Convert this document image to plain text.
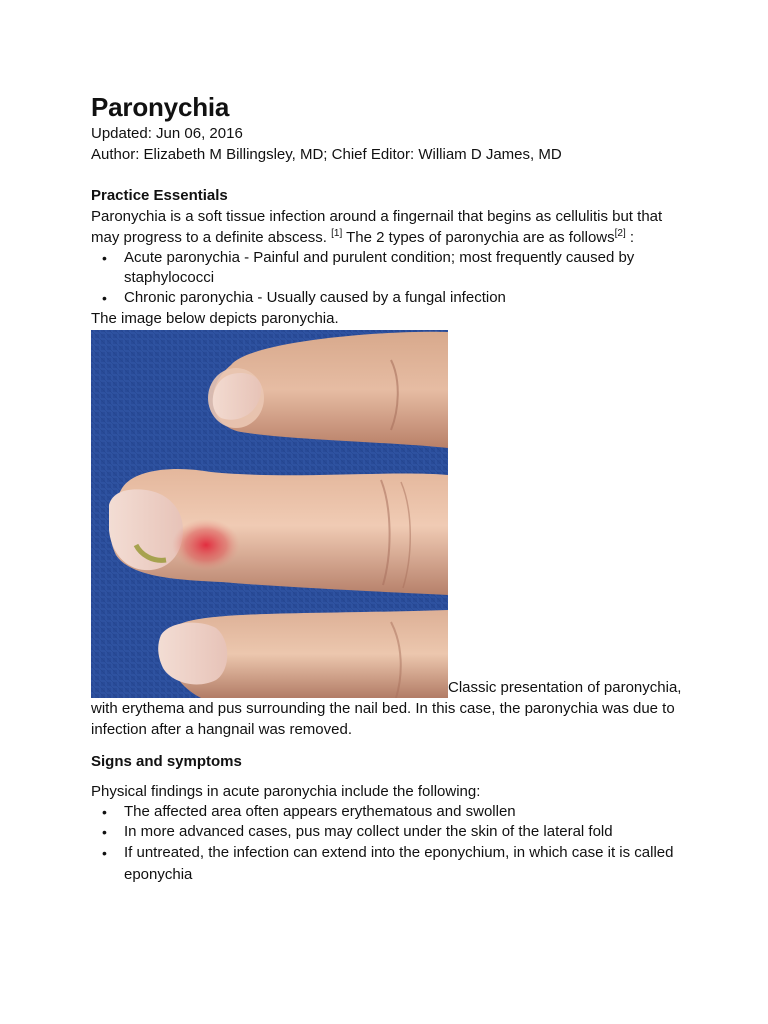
Paronychia

Updated: Jun 06, 2016

Author: Elizabeth M Billingsley, MD; Chief Editor: William D James, MD

Practice Essentials

Paronychia is a soft tissue infection around a fingernail that begins as cellulitis but that may progress to a definite abscess. [1] The 2 types of paronychia are as follows[2] :

• Acute paronychia - Painful and purulent condition; most frequently caused by staphylococci
• Chronic paronychia - Usually caused by a fungal infection

The image below depicts paronychia.

Classic presentation of paronychia, with erythema and pus surrounding the nail bed. In this case, the paronychia was due to infection after a hangnail was removed.
Signs and symptoms

Physical findings in acute paronychia include the following:

• The affected area often appears erythematous and swollen
• In more advanced cases, pus may collect under the skin of the lateral fold
• If untreated, the infection can extend into the eponychium, in which case it is called eponychia
